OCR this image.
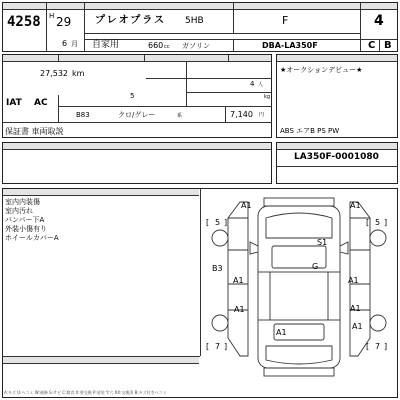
4258 H 29
6 月
プレオプラス 5HB	F	4
自家用	660 cc ガソリン	DBA-LA350F	C B
27,532 km
5
4 人
kg
IAT AC
B83	クロ/グレー	系	7,140 円
保証書 車両取説
★オークションデビュー★
ABS エアB PS PW
LA350F-0001080
室内内装傷
室内汚れ
バンパー下A
外装小傷有り
ホイールカバーA
A1	A1
S1
G
B3
A1	A1
A1
A1
A1
A1
[ 5 ]	[ 5 ]
[ 7 ]	[ 7 ]
A:キズ U:ヘコミ W:補修 S:サビ C:腐食 X:要交換 P:塗装 Y:穴 XX:交換済 B:キズ付きヘコミ
